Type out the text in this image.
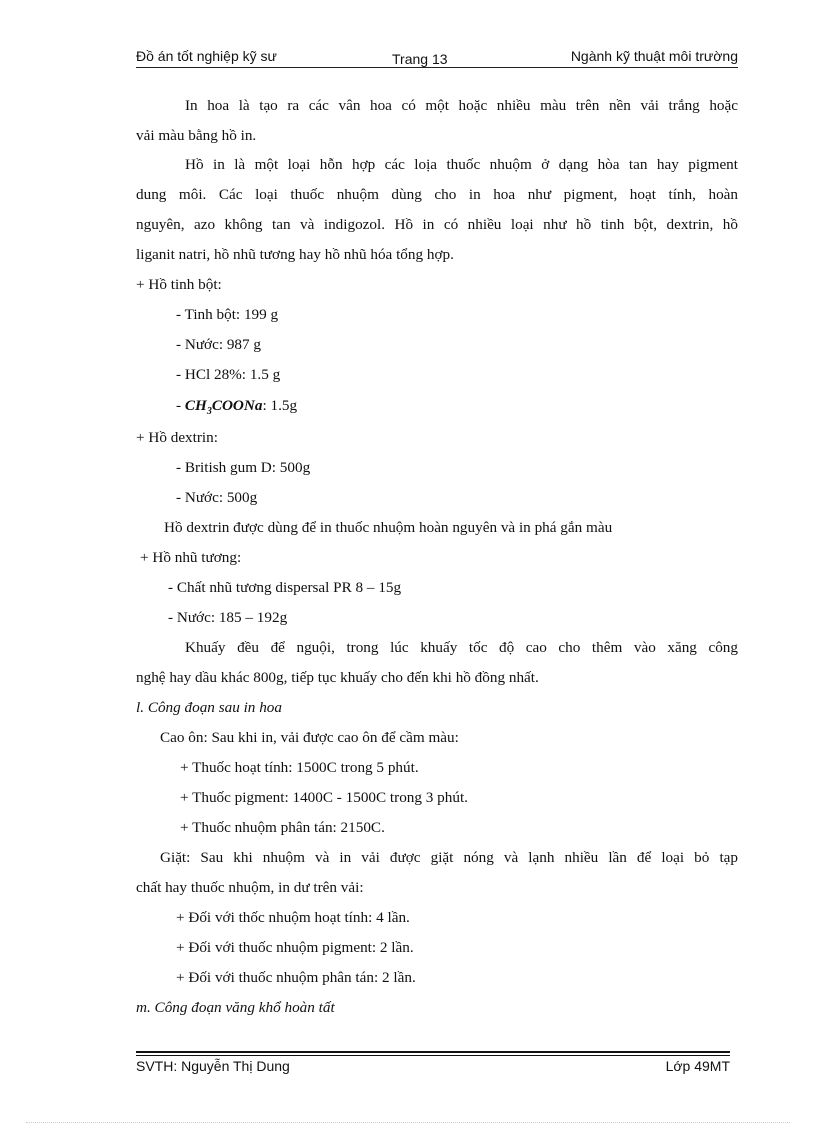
Đồ án tốt nghiệp kỹ sư	Trang 13	Ngành kỹ thuật môi trường
In hoa là tạo ra các vân hoa có một hoặc nhiều màu trên nền vải trắng hoặc
vải màu bằng hồ in.
Hồ in là một loại hỗn hợp các loịa thuốc nhuộm ở dạng hòa tan hay pigment
dung môi. Các loại thuốc nhuộm dùng cho in hoa như pigment, hoạt tính, hoàn
nguyên, azo không tan và indigozol. Hồ in có nhiều loại như hồ tinh bột, dextrin, hồ
liganit natri, hồ nhũ tương hay hồ nhũ hóa tổng hợp.
+ Hồ tinh bột:
- Tinh bột: 199 g
- Nước: 987 g
- HCl 28%: 1.5 g
- $CH_3COONa$: 1.5g
+ Hồ dextrin:
- British gum D: 500g
- Nước: 500g
Hồ dextrin được dùng để in thuốc nhuộm hoàn nguyên và in phá gắn màu
+ Hồ nhũ tương:
- Chất nhũ tương dispersal PR 8 – 15g
- Nước: 185 – 192g
Khuấy đều để nguội, trong lúc khuấy tốc độ cao cho thêm vào xăng công
nghệ hay dầu khác 800g, tiếp tục khuấy cho đến khi hồ đồng nhất.
l. Công đoạn sau in hoa
Cao ôn: Sau khi in, vải được cao ôn để cầm màu:
+ Thuốc hoạt tính: 1500C trong 5 phút.
+ Thuốc pigment: 1400C - 1500C trong 3 phút.
+ Thuốc nhuộm phân tán: 2150C.
Giặt: Sau khi nhuộm và in vải được giặt nóng và lạnh nhiều lần để loại bỏ tạp
chất hay thuốc nhuộm, in dư trên vải:
+ Đối với thốc nhuộm hoạt tính: 4 lần.
+ Đối với thuốc nhuộm pigment: 2 lần.
+ Đối với thuốc nhuộm phân tán: 2 lần.
m. Công đoạn văng khổ hoàn tất
SVTH: Nguyễn Thị Dung	Lớp 49MT
